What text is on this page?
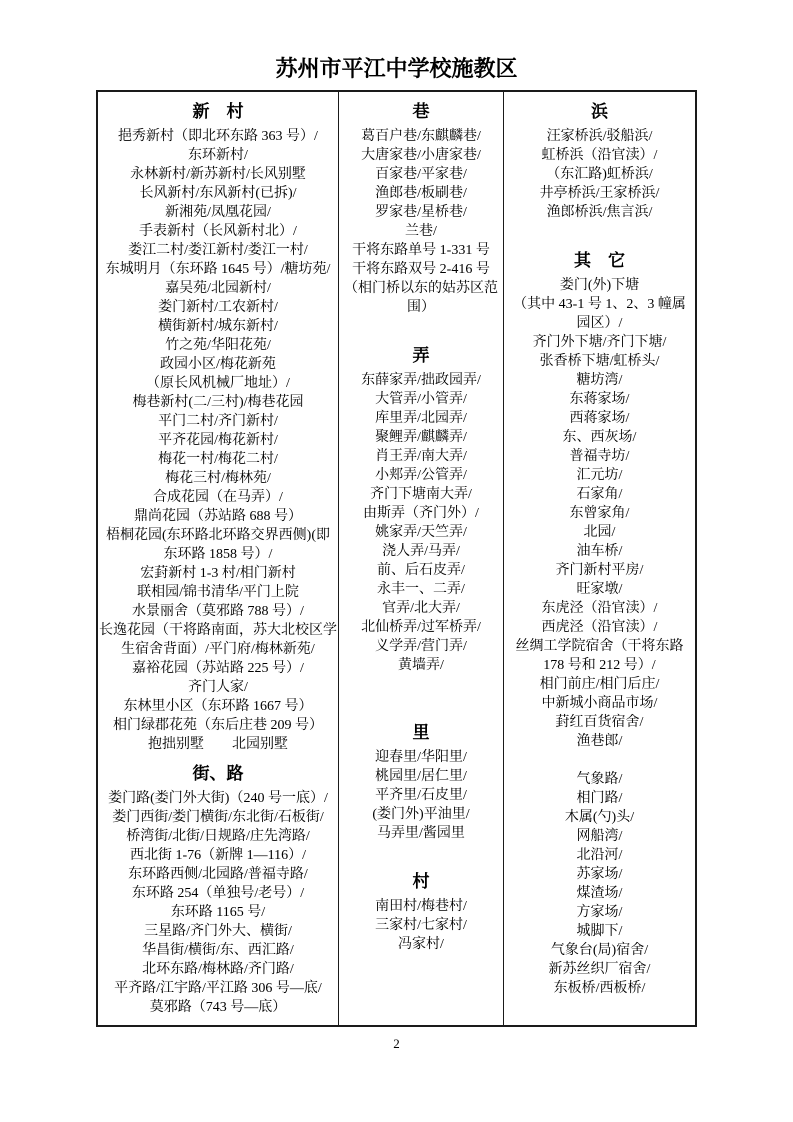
苏州市平江中学校施教区
新　村
挹秀新村（即北环东路 363 号）/
东环新村/
永林新村/新苏新村/长风别墅
长风新村/东风新村(已拆)/
新湘苑/凤凰花园/
手表新村（长风新村北）/
娄江二村/娄江新村/娄江一村/
东城明月（东环路 1645 号）/糖坊苑/
嘉吴苑/北园新村/
娄门新村/工农新村/
横街新村/城东新村/
竹之苑/华阳花苑/
政园小区/梅花新苑
（原长风机械厂地址）/
梅巷新村(二/三村)/梅巷花园
平门二村/齐门新村/
平齐花园/梅花新村/
梅花一村/梅花二村/
梅花三村/梅林苑/
合成花园（在马弄）/
鼎尚花园（苏站路 688 号）
梧桐花园(东环路北环路交界西侧)(即
东环路 1858 号）/
宏葑新村 1-3 村/相门新村
联相园/锦书清华/平门上院
水景丽舍（莫邪路 788 号）/
长逸花园（干将路南面，苏大北校区学
生宿舍背面）/平门府/梅林新苑/
嘉裕花园（苏站路 225 号）/
齐门人家/
东林里小区（东环路 1667 号）
相门绿郡花苑（东后庄巷 209 号）
抱拙别墅　　北园别墅
街、路
娄门路(娄门外大街)（240 号一底）/
娄门西街/娄门横街/东北街/石板街/
桥湾街/北街/日规路/庄先湾路/
西北街 1-76（新牌 1—116）/
东环路西侧/北园路/普福寺路/
东环路 254（单独号/老号）/
东环路 1165 号/
三星路/齐门外大、横街/
华昌街/横街/东、西汇路/
北环东路/梅林路/齐门路/
平齐路/江宇路/平江路 306 号—底/
莫邪路（743 号—底）
巷
葛百户巷/东麒麟巷/
大唐家巷/小唐家巷/
百家巷/平家巷/
渔郎巷/板刷巷/
罗家巷/星桥巷/
兰巷/
干将东路单号 1-331 号
干将东路双号 2-416 号
（相门桥以东的姑苏区范
围）

弄
东薛家弄/拙政园弄/
大管弄/小管弄/
库里弄/北园弄/
聚鲤弄/麒麟弄/
肖王弄/南大弄/
小郏弄/公管弄/
齐门下塘南大弄/
由斯弄（齐门外）/
姚家弄/天竺弄/
浇人弄/马弄/
前、后石皮弄/
永丰一、二弄/
官弄/北大弄/
北仙桥弄/过军桥弄/
义学弄/营门弄/
黄墙弄/

里
迎春里/华阳里/
桃园里/居仁里/
平齐里/石皮里/
(娄门外)平油里/
马弄里/酱园里

村
南田村/梅巷村/
三家村/七家村/
冯家村/
浜
汪家桥浜/驳船浜/
虹桥浜（沿官渎）/
（东汇路)虹桥浜/
井亭桥浜/王家桥浜/
渔郎桥浜/焦言浜/

其　它
娄门(外)下塘
（其中 43-1 号 1、2、3 幢属
园区）/
齐门外下塘/齐门下塘/
张香桥下塘/虹桥头/
糖坊湾/
东蒋家场/
西蒋家场/
东、西灰场/
普福寺坊/
汇元坊/
石家角/
东曾家角/
北园/
油车桥/
齐门新村平房/
旺家墩/
东虎泾（沿官渎）/
西虎泾（沿官渎）/
丝绸工学院宿舍（干将东路
178 号和 212 号）/
相门前庄/相门后庄/
中新城小商品市场/
葑红百货宿舍/
渔巷郎/

气象路/
相门路/
木属(勺)头/
网船湾/
北沿河/
苏家场/
煤渣场/
方家场/
城脚下/
气象台(局)宿舍/
新苏丝织厂宿舍/
东板桥/西板桥/
2
